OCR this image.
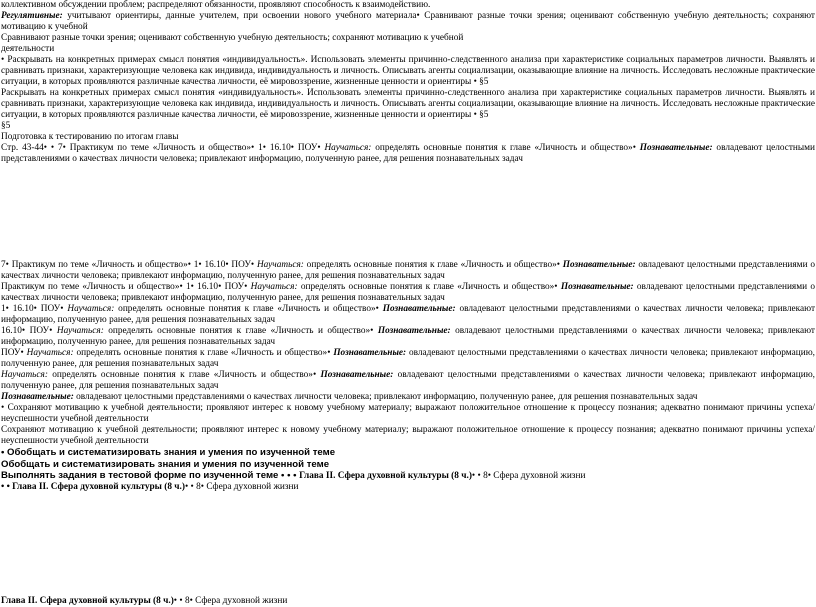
коллективном обсуждении проблем; распределяют обязанности, проявляют способность к взаимодействию.

Регулятивные: учитывают ориентиры, данные учителем, при освоении нового учебного материала• Сравнивают разные точки зрения; оценивают собственную учебную деятельность; сохраняют мотивацию к учебной

Сравнивают разные точки зрения; оценивают собственную учебную деятельность; сохраняют мотивацию к учебной

деятельности

• Раскрывать на конкретных примерах смысл понятия «индивидуальность». Использовать элементы причинно-следственного анализа при характеристике социальных параметров личности. Выявлять и сравнивать признаки, характеризующие человека как индивида, индивидуальность и личность. Описывать агенты социализации, оказывающие влияние на личность. Исследовать несложные практические ситуации, в которых проявляются различные качества личности, её мировоззрение, жизненные ценности и ориентиры • §5

Раскрывать на конкретных примерах смысл понятия «индивидуальность». Использовать элементы причинно-следственного анализа при характеристике социальных параметров личности. Выявлять и сравнивать признаки, характеризующие человека как индивида, индивидуальность и личность. Описывать агенты социализации, оказывающие влияние на личность. Исследовать несложные практические ситуации, в которых проявляются различные качества личности, её мировоззрение, жизненные ценности и ориентиры • §5

§5

Подготовка к тестированию по итогам главы

Стр. 43-44• • 7• Практикум по теме «Личность и общество»• 1• 16.10• ПОУ• Научаться: определять основные понятия к главе «Личность и общество»• Познавательные: овладевают целостными представлениями о качествах личности человека; привлекают информацию, полученную ранее, для решения познавательных задач

7• Практикум по теме «Личность и общество»• 1• 16.10• ПОУ• Научаться: определять основные понятия к главе «Личность и общество»• Познавательные: овладевают целостными представлениями о качествах личности человека; привлекают информацию, полученную ранее, для решения познавательных задач

Практикум по теме «Личность и общество»• 1• 16.10• ПОУ• Научаться: определять основные понятия к главе «Личность и общество»• Познавательные: овладевают целостными представлениями о качествах личности человека; привлекают информацию, полученную ранее, для решения познавательных задач

1• 16.10• ПОУ• Научаться: определять основные понятия к главе «Личность и общество»• Познавательные: овладевают целостными представлениями о качествах личности человека; привлекают информацию, полученную ранее, для решения познавательных задач

16.10• ПОУ• Научаться: определять основные понятия к главе «Личность и общество»• Познавательные: овладевают целостными представлениями о качествах личности человека; привлекают информацию, полученную ранее, для решения познавательных задач

ПОУ• Научаться: определять основные понятия к главе «Личность и общество»• Познавательные: овладевают целостными представлениями о качествах личности человека; привлекают информацию, полученную ранее, для решения познавательных задач

Научаться: определять основные понятия к главе «Личность и общество»• Познавательные: овладевают целостными представлениями о качествах личности человека; привлекают информацию, полученную ранее, для решения познавательных задач

Познавательные: овладевают целостными представлениями о качествах личности человека; привлекают информацию, полученную ранее, для решения познавательных задач

• Сохраняют мотивацию к учебной деятельности; проявляют интерес к новому учебному материалу; выражают положительное отношение к процессу познания; адекватно понимают причины успеха/неуспешности учебной деятельности

Сохраняют мотивацию к учебной деятельности; проявляют интерес к новому учебному материалу; выражают положительное отношение к процессу познания; адекватно понимают причины успеха/неуспешности учебной деятельности

• Обобщать и систематизировать знания и умения по изученной теме

Обобщать и систематизировать знания и умения по изученной теме

Выполнять задания в тестовой форме по изученной теме • • • Глава II. Сфера духовной культуры (8 ч.)• • 8• Сфера духовной жизни

• • Глава II. Сфера духовной культуры (8 ч.)• • 8• Сфера духовной жизни

Глава II. Сфера духовной культуры (8 ч.)• • 8• Сфера духовной жизни
